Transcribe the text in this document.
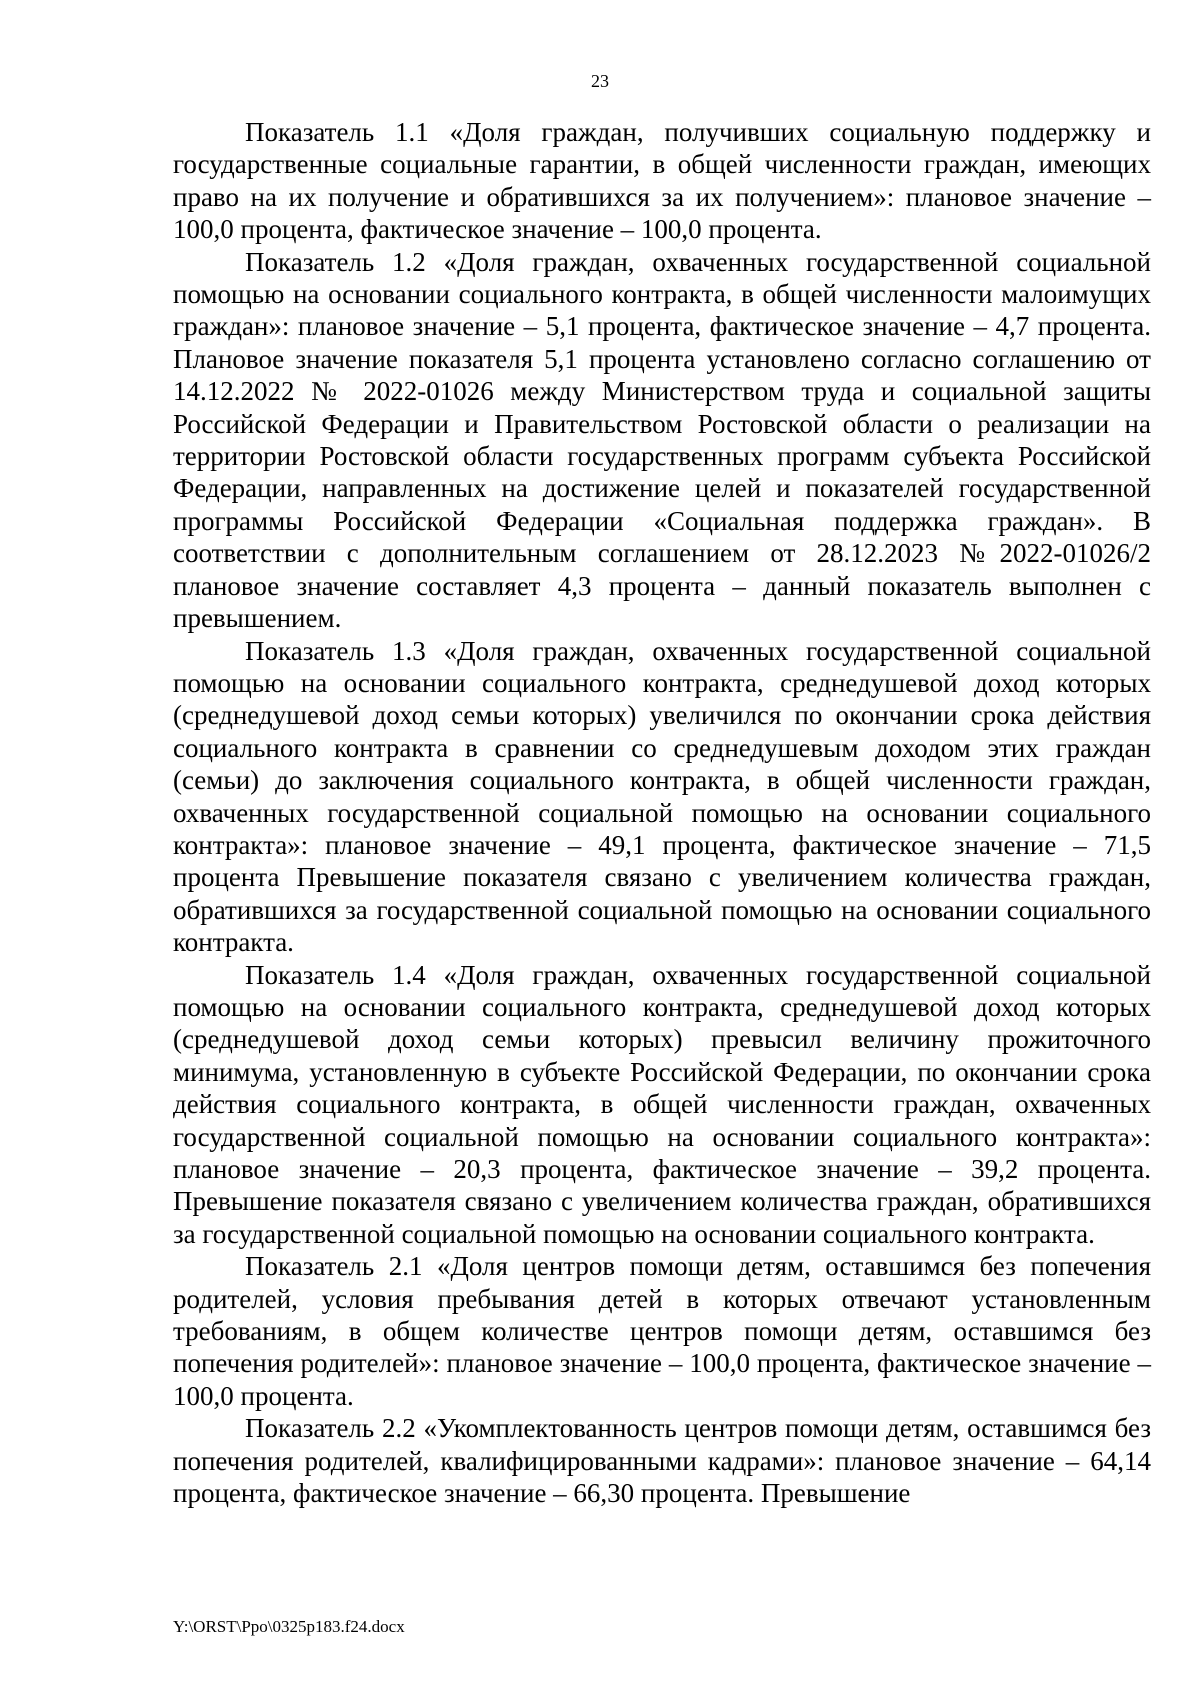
23

Показатель 1.1 «Доля граждан, получивших социальную поддержку и государственные социальные гарантии, в общей численности граждан, имеющих право на их получение и обратившихся за их получением»: плановое значение – 100,0 процента, фактическое значение – 100,0 процента.

Показатель 1.2 «Доля граждан, охваченных государственной социальной помощью на основании социального контракта, в общей численности малоимущих граждан»: плановое значение – 5,1 процента, фактическое значение – 4,7 процента. Плановое значение показателя 5,1 процента установлено согласно соглашению от 14.12.2022 № 2022-01026 между Министерством труда и социальной защиты Российской Федерации и Правительством Ростовской области о реализации на территории Ростовской области государственных программ субъекта Российской Федерации, направленных на достижение целей и показателей государственной программы Российской Федерации «Социальная поддержка граждан». В соответствии с дополнительным соглашением от 28.12.2023 №2022-01026/2 плановое значение составляет 4,3 процента – данный показатель выполнен с превышением.

Показатель 1.3 «Доля граждан, охваченных государственной социальной помощью на основании социального контракта, среднедушевой доход которых (среднедушевой доход семьи которых) увеличился по окончании срока действия социального контракта в сравнении со среднедушевым доходом этих граждан (семьи) до заключения социального контракта, в общей численности граждан, охваченных государственной социальной помощью на основании социального контракта»: плановое значение – 49,1 процента, фактическое значение – 71,5 процента Превышение показателя связано с увеличением количества граждан, обратившихся за государственной социальной помощью на основании социального контракта.

Показатель 1.4 «Доля граждан, охваченных государственной социальной помощью на основании социального контракта, среднедушевой доход которых (среднедушевой доход семьи которых) превысил величину прожиточного минимума, установленную в субъекте Российской Федерации, по окончании срока действия социального контракта, в общей численности граждан, охваченных государственной социальной помощью на основании социального контракта»: плановое значение – 20,3 процента, фактическое значение – 39,2 процента. Превышение показателя связано с увеличением количества граждан, обратившихся за государственной социальной помощью на основании социального контракта.

Показатель 2.1 «Доля центров помощи детям, оставшимся без попечения родителей, условия пребывания детей в которых отвечают установленным требованиям, в общем количестве центров помощи детям, оставшимся без попечения родителей»: плановое значение – 100,0 процента, фактическое значение – 100,0 процента.

Показатель 2.2 «Укомплектованность центров помощи детям, оставшимся без попечения родителей, квалифицированными кадрами»: плановое значение – 64,14 процента, фактическое значение – 66,30 процента. Превышение

Y:\ORST\Ppo\0325p183.f24.docx
